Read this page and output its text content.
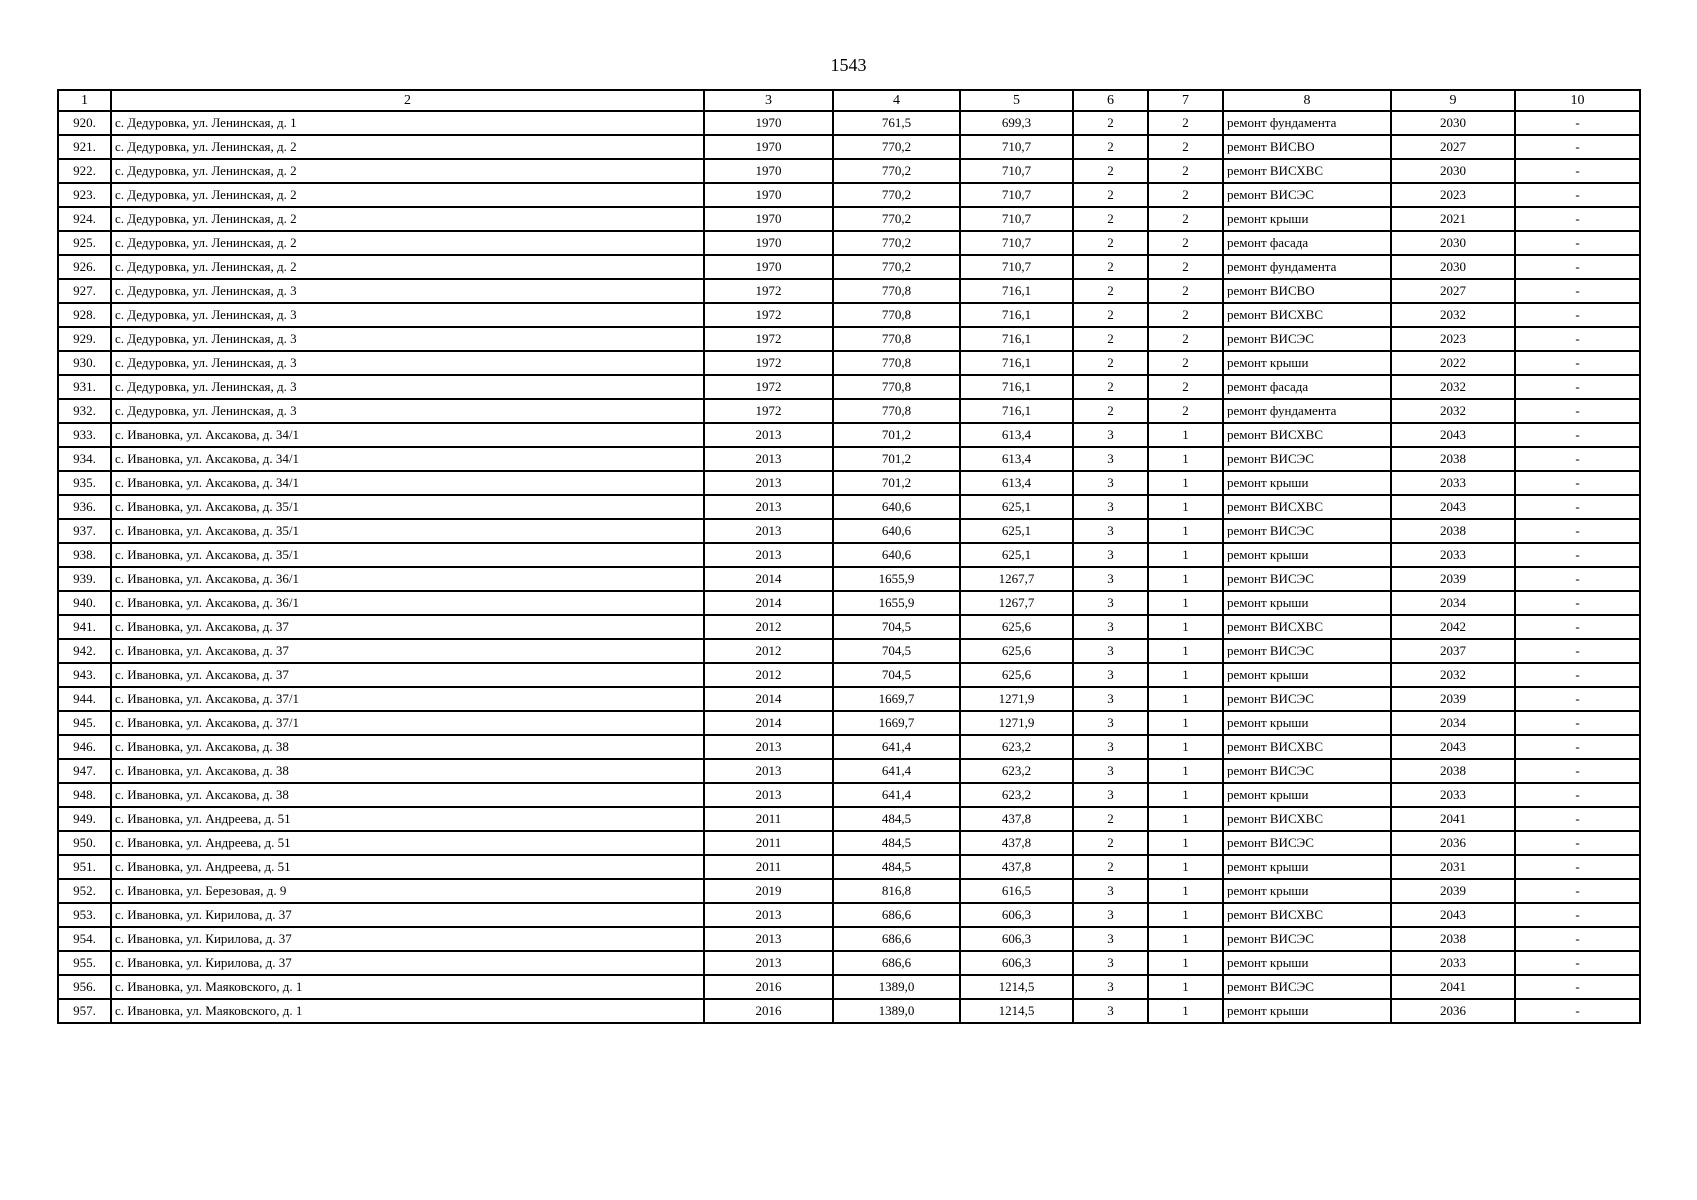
1543
1	2	3	4	5	6	7	8	9	10
920.	с. Дедуровка, ул. Ленинская, д. 1	1970	761,5	699,3	2	2	ремонт фундамента	2030	-
921.	с. Дедуровка, ул. Ленинская, д. 2	1970	770,2	710,7	2	2	ремонт ВИСВО	2027	-
922.	с. Дедуровка, ул. Ленинская, д. 2	1970	770,2	710,7	2	2	ремонт ВИСХВС	2030	-
923.	с. Дедуровка, ул. Ленинская, д. 2	1970	770,2	710,7	2	2	ремонт ВИСЭС	2023	-
924.	с. Дедуровка, ул. Ленинская, д. 2	1970	770,2	710,7	2	2	ремонт крыши	2021	-
925.	с. Дедуровка, ул. Ленинская, д. 2	1970	770,2	710,7	2	2	ремонт фасада	2030	-
926.	с. Дедуровка, ул. Ленинская, д. 2	1970	770,2	710,7	2	2	ремонт фундамента	2030	-
927.	с. Дедуровка, ул. Ленинская, д. 3	1972	770,8	716,1	2	2	ремонт ВИСВО	2027	-
928.	с. Дедуровка, ул. Ленинская, д. 3	1972	770,8	716,1	2	2	ремонт ВИСХВС	2032	-
929.	с. Дедуровка, ул. Ленинская, д. 3	1972	770,8	716,1	2	2	ремонт ВИСЭС	2023	-
930.	с. Дедуровка, ул. Ленинская, д. 3	1972	770,8	716,1	2	2	ремонт крыши	2022	-
931.	с. Дедуровка, ул. Ленинская, д. 3	1972	770,8	716,1	2	2	ремонт фасада	2032	-
932.	с. Дедуровка, ул. Ленинская, д. 3	1972	770,8	716,1	2	2	ремонт фундамента	2032	-
933.	с. Ивановка, ул. Аксакова, д. 34/1	2013	701,2	613,4	3	1	ремонт ВИСХВС	2043	-
934.	с. Ивановка, ул. Аксакова, д. 34/1	2013	701,2	613,4	3	1	ремонт ВИСЭС	2038	-
935.	с. Ивановка, ул. Аксакова, д. 34/1	2013	701,2	613,4	3	1	ремонт крыши	2033	-
936.	с. Ивановка, ул. Аксакова, д. 35/1	2013	640,6	625,1	3	1	ремонт ВИСХВС	2043	-
937.	с. Ивановка, ул. Аксакова, д. 35/1	2013	640,6	625,1	3	1	ремонт ВИСЭС	2038	-
938.	с. Ивановка, ул. Аксакова, д. 35/1	2013	640,6	625,1	3	1	ремонт крыши	2033	-
939.	с. Ивановка, ул. Аксакова, д. 36/1	2014	1655,9	1267,7	3	1	ремонт ВИСЭС	2039	-
940.	с. Ивановка, ул. Аксакова, д. 36/1	2014	1655,9	1267,7	3	1	ремонт крыши	2034	-
941.	с. Ивановка, ул. Аксакова, д. 37	2012	704,5	625,6	3	1	ремонт ВИСХВС	2042	-
942.	с. Ивановка, ул. Аксакова, д. 37	2012	704,5	625,6	3	1	ремонт ВИСЭС	2037	-
943.	с. Ивановка, ул. Аксакова, д. 37	2012	704,5	625,6	3	1	ремонт крыши	2032	-
944.	с. Ивановка, ул. Аксакова, д. 37/1	2014	1669,7	1271,9	3	1	ремонт ВИСЭС	2039	-
945.	с. Ивановка, ул. Аксакова, д. 37/1	2014	1669,7	1271,9	3	1	ремонт крыши	2034	-
946.	с. Ивановка, ул. Аксакова, д. 38	2013	641,4	623,2	3	1	ремонт ВИСХВС	2043	-
947.	с. Ивановка, ул. Аксакова, д. 38	2013	641,4	623,2	3	1	ремонт ВИСЭС	2038	-
948.	с. Ивановка, ул. Аксакова, д. 38	2013	641,4	623,2	3	1	ремонт крыши	2033	-
949.	с. Ивановка, ул. Андреева, д. 51	2011	484,5	437,8	2	1	ремонт ВИСХВС	2041	-
950.	с. Ивановка, ул. Андреева, д. 51	2011	484,5	437,8	2	1	ремонт ВИСЭС	2036	-
951.	с. Ивановка, ул. Андреева, д. 51	2011	484,5	437,8	2	1	ремонт крыши	2031	-
952.	с. Ивановка, ул. Березовая, д. 9	2019	816,8	616,5	3	1	ремонт крыши	2039	-
953.	с. Ивановка, ул. Кирилова, д. 37	2013	686,6	606,3	3	1	ремонт ВИСХВС	2043	-
954.	с. Ивановка, ул. Кирилова, д. 37	2013	686,6	606,3	3	1	ремонт ВИСЭС	2038	-
955.	с. Ивановка, ул. Кирилова, д. 37	2013	686,6	606,3	3	1	ремонт крыши	2033	-
956.	с. Ивановка, ул. Маяковского, д. 1	2016	1389,0	1214,5	3	1	ремонт ВИСЭС	2041	-
957.	с. Ивановка, ул. Маяковского, д. 1	2016	1389,0	1214,5	3	1	ремонт крыши	2036	-
